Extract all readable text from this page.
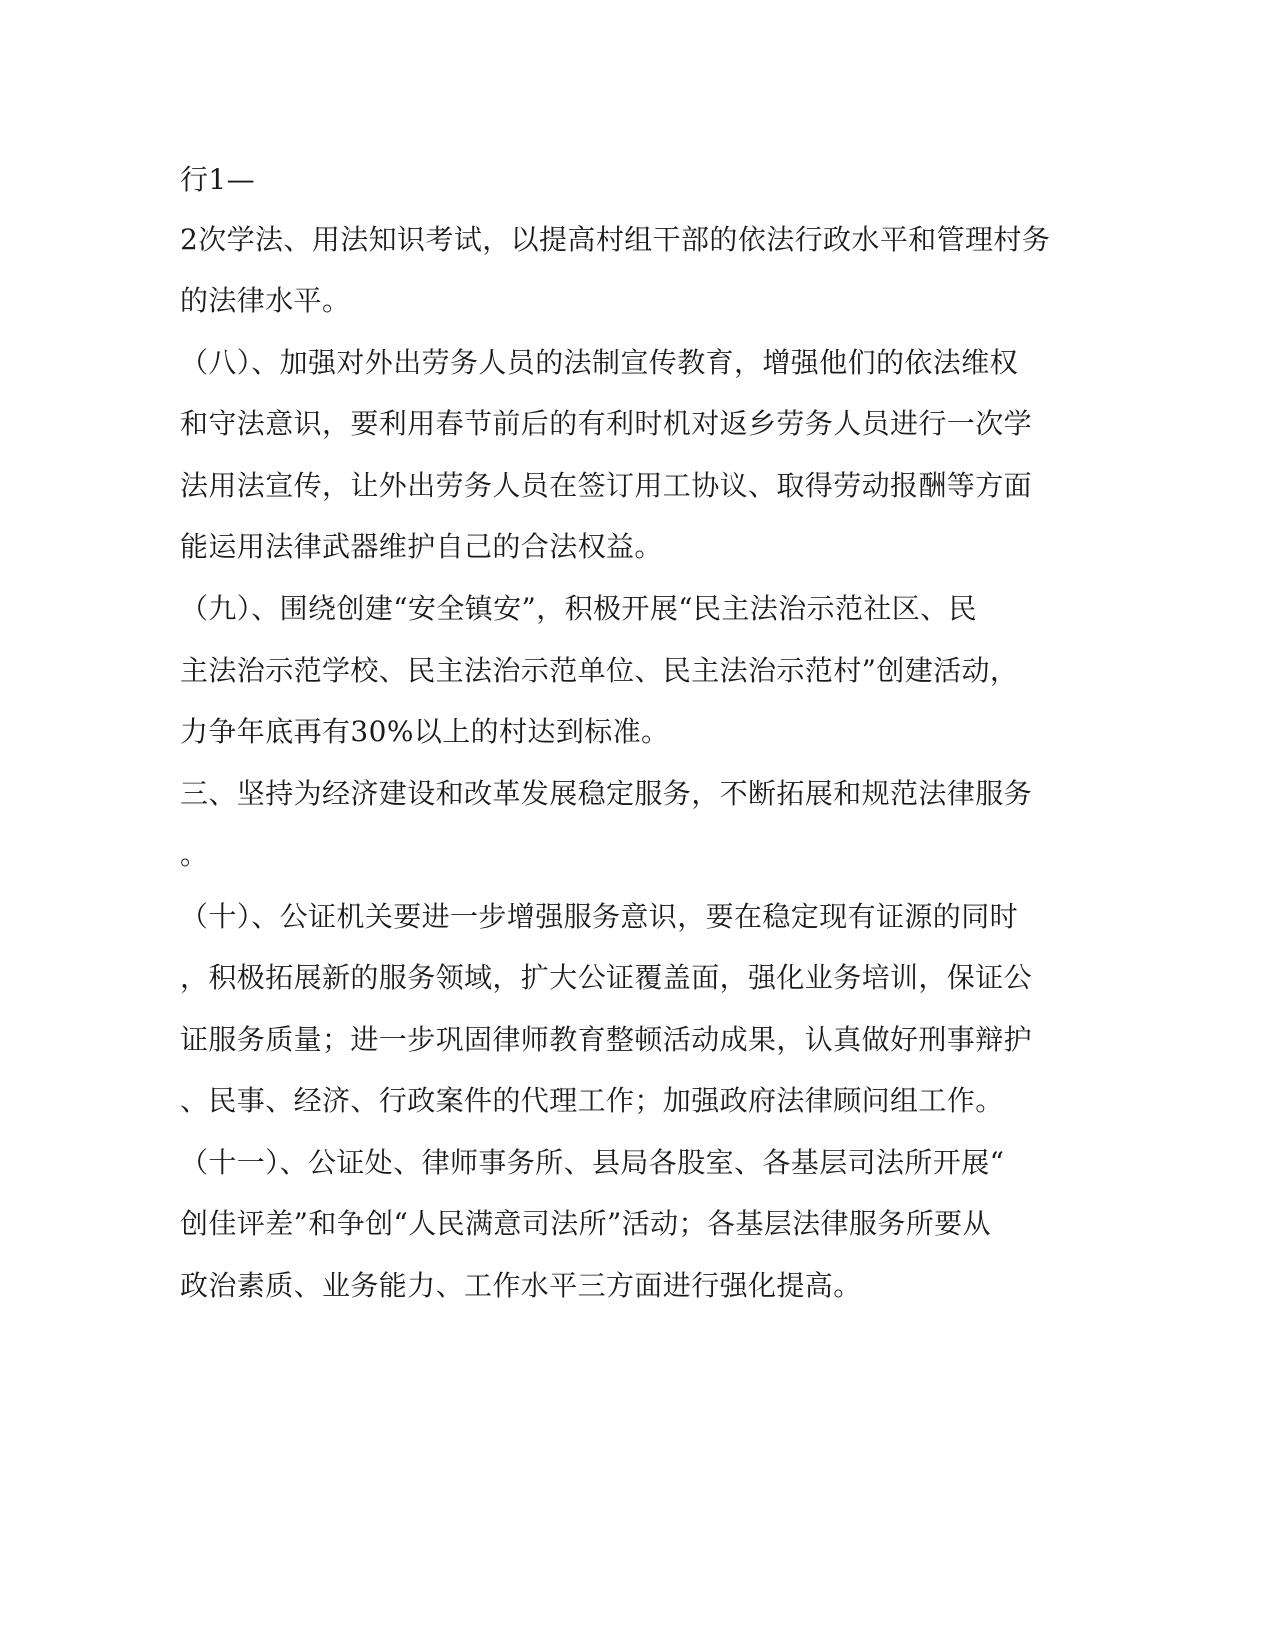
行1—
2次学法、用法知识考试，以提高村组干部的依法行政水平和管理村务
的法律水平。
（八）、加强对外出劳务人员的法制宣传教育，增强他们的依法维权
和守法意识，要利用春节前后的有利时机对返乡劳务人员进行一次学
法用法宣传，让外出劳务人员在签订用工协议、取得劳动报酬等方面
能运用法律武器维护自己的合法权益。
（九）、围绕创建“安全镇安”，积极开展“民主法治示范社区、民
主法治示范学校、民主法治示范单位、民主法治示范村”创建活动，
力争年底再有30%以上的村达到标准。
三、坚持为经济建设和改革发展稳定服务，不断拓展和规范法律服务
。
（十）、公证机关要进一步增强服务意识，要在稳定现有证源的同时
，积极拓展新的服务领域，扩大公证覆盖面，强化业务培训，保证公
证服务质量；进一步巩固律师教育整顿活动成果，认真做好刑事辩护
、民事、经济、行政案件的代理工作；加强政府法律顾问组工作。
（十一）、公证处、律师事务所、县局各股室、各基层司法所开展“
创佳评差”和争创“人民满意司法所”活动；各基层法律服务所要从
政治素质、业务能力、工作水平三方面进行强化提高。
